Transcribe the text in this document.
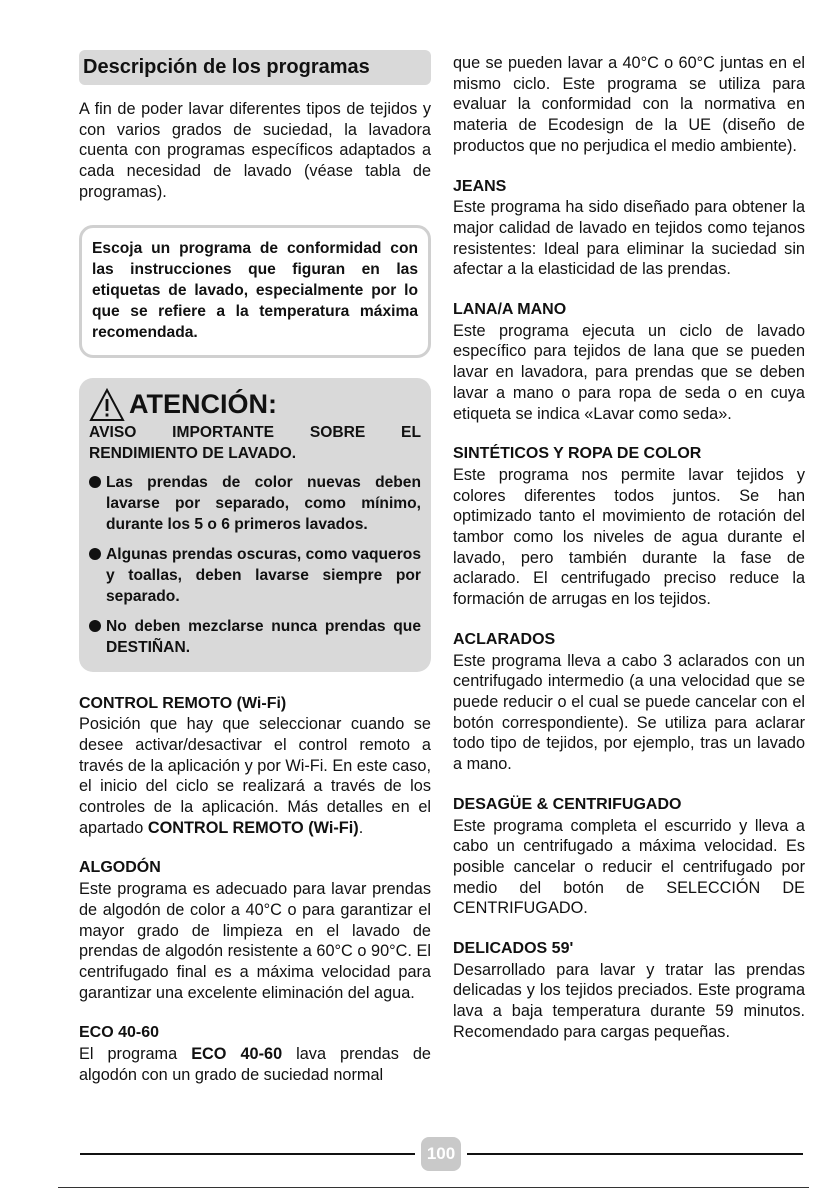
Descripción de los programas

A fin de poder lavar diferentes tipos de tejidos y con varios grados de suciedad, la lavadora cuenta con programas específicos adaptados a cada necesidad de lavado (véase tabla de programas).

Escoja un programa de conformidad con las instrucciones que figuran en las etiquetas de lavado, especialmente por lo que se refiere a la temperatura máxima recomendada.
ATENCIÓN:
AVISO IMPORTANTE SOBRE EL RENDIMIENTO DE LAVADO.
Las prendas de color nuevas deben lavarse por separado, como mínimo, durante los 5 o 6 primeros lavados.
Algunas prendas oscuras, como vaqueros y toallas, deben lavarse siempre por separado.
No deben mezclarse nunca prendas que DESTIÑAN.
CONTROL REMOTO (Wi-Fi)

Posición que hay que seleccionar cuando se desee activar/desactivar el control remoto a través de la aplicación y por Wi-Fi. En este caso, el inicio del ciclo se realizará a través de los controles de la aplicación. Más detalles en el apartado CONTROL REMOTO (Wi-Fi).

ALGODÓN

Este programa es adecuado para lavar prendas de algodón de color a 40°C o para garantizar el mayor grado de limpieza en el lavado de prendas de algodón resistente a 60°C o 90°C. El centrifugado final es a máxima velocidad para garantizar una excelente eliminación del agua.

ECO 40-60

El programa ECO 40-60 lava prendas de algodón con un grado de suciedad normal

que se pueden lavar a 40°C o 60°C juntas en el mismo ciclo. Este programa se utiliza para evaluar la conformidad con la normativa en materia de Ecodesign de la UE (diseño de productos que no perjudica el medio ambiente).

JEANS

Este programa ha sido diseñado para obtener la major calidad de lavado en tejidos como tejanos resistentes: Ideal para eliminar la suciedad sin afectar a la elasticidad de las prendas.

LANA/A MANO

Este programa ejecuta un ciclo de lavado específico para tejidos de lana que se pueden lavar en lavadora, para prendas que se deben lavar a mano o para ropa de seda o en cuya etiqueta se indica «Lavar como seda».

SINTÉTICOS Y ROPA DE COLOR

Este programa nos permite lavar tejidos y colores diferentes todos juntos. Se han optimizado tanto el movimiento de rotación del tambor como los niveles de agua durante el lavado, pero también durante la fase de aclarado. El centrifugado preciso reduce la formación de arrugas en los tejidos.

ACLARADOS

Este programa lleva a cabo 3 aclarados con un centrifugado intermedio (a una velocidad que se puede reducir o el cual se puede cancelar con el botón correspondiente). Se utiliza para aclarar todo tipo de tejidos, por ejemplo, tras un lavado a mano.

DESAGÜE & CENTRIFUGADO

Este programa completa el escurrido y lleva a cabo un centrifugado a máxima velocidad. Es posible cancelar o reducir el centrifugado por medio del botón de SELECCIÓN DE CENTRIFUGADO.

DELICADOS 59'

Desarrollado para lavar y tratar las prendas delicadas y los tejidos preciados. Este programa lava a baja temperatura durante 59 minutos. Recomendado para cargas pequeñas.

100
